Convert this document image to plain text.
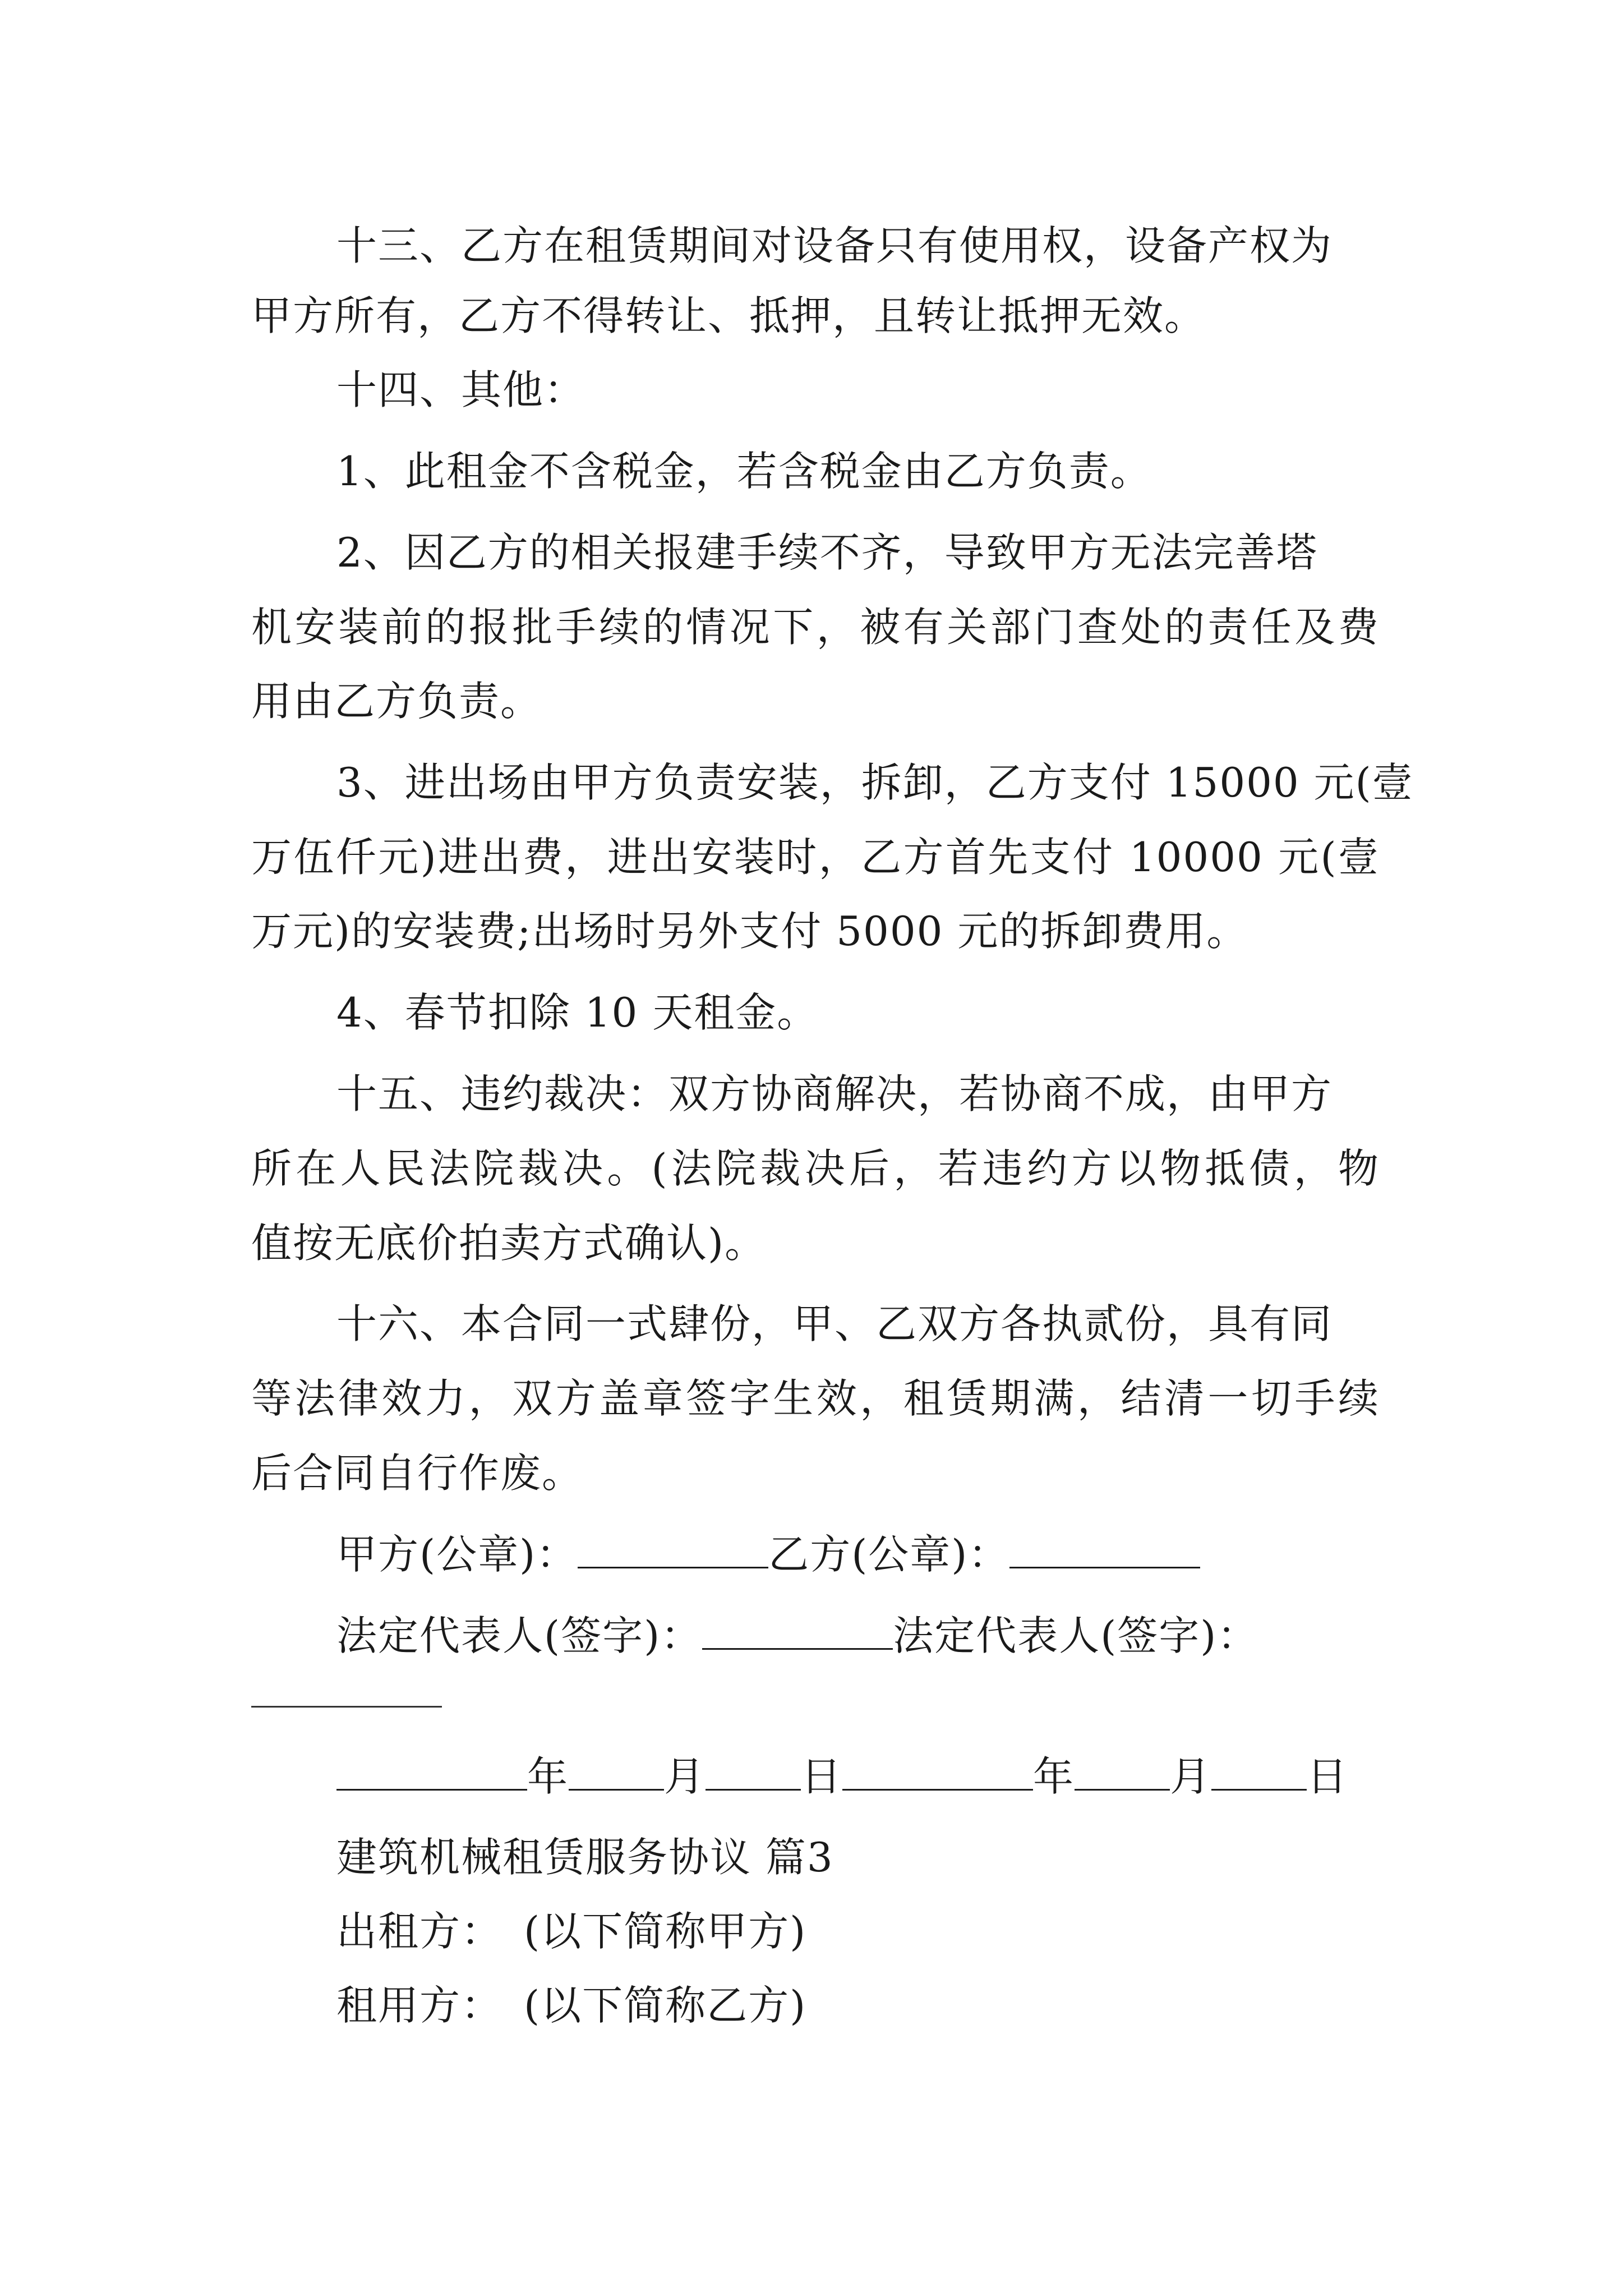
十三、乙方在租赁期间对设备只有使用权，设备产权为
甲方所有，乙方不得转让、抵押，且转让抵押无效。
十四、其他：
1、此租金不含税金，若含税金由乙方负责。
2、因乙方的相关报建手续不齐，导致甲方无法完善塔
机安装前的报批手续的情况下，被有关部门查处的责任及费
用由乙方负责。
3、进出场由甲方负责安装，拆卸，乙方支付 15000 元(壹
万伍仟元)进出费，进出安装时，乙方首先支付 10000 元(壹
万元)的安装费;出场时另外支付 5000 元的拆卸费用。
4、春节扣除 10 天租金。
十五、违约裁决：双方协商解决，若协商不成，由甲方
所在人民法院裁决。(法院裁决后，若违约方以物抵债，物
值按无底价拍卖方式确认)。
十六、本合同一式肆份，甲、乙双方各执贰份，具有同
等法律效力，双方盖章签字生效，租赁期满，结清一切手续
后合同自行作废。
甲方(公章)：	乙方(公章)：
法定代表人(签字)：	法定代表人(签字)：
年 月 日	年 月 日
建筑机械租赁服务协议 篇3
出租方：　(以下简称甲方)
租用方：　(以下简称乙方)
